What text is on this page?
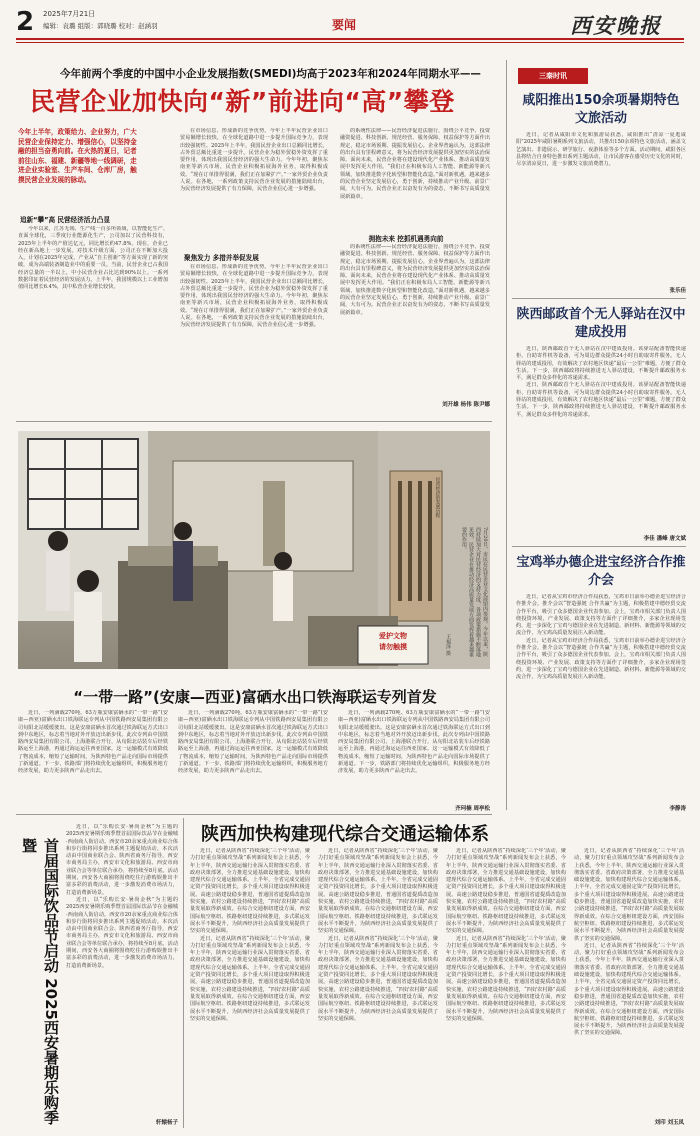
2 2025年7月21日
编辑：袁璐 组版：郭晓璐 校对：赵涵羽	要闻	西安晚报
今年前两个季度的中国中小企业发展指数(SMEDI)均高于2023年和2024年同期水平——
民营企业加快向“新”前进向“高”攀登
今年上半年，政策给力、企业努力，广大民营企业保持定力、增强信心，以坚持金融的担当奋勇向前。在火热的夏日，记者前往山东、福建、新疆等地一线调研，走进企业实验室、生产车间、仓库厂房，触摸民营企业发展的脉动。
追新“攀”高 民营经济活力凸显

今年以来，江苏无锡、生产线一百多所领域，以智能化生产、直面全球化，三季度行业能源化生产，公司加以了民营科技有，2025年上半年的产值达亿元，同比增长约47.8%。现在，企业已经在新高地上一步发展。对技术升级方面，公司正在不断加大投入，计划在2025年完成，产业从“自主创新”等方面实现了新的突破，成为高端装备制造业中的重要一员。当前，民营企业已占我国经济总量的一半以上，中小民营企业占比达到90%以上。一系列数据印证着民营经济的发展活力。上半年，我国规模以上工业增加值同比增长6.4%，其中私营企业增长较快。

在市场信息、形成新的竞争优势。今年上半年民营企业出口贸易额增长较快，在全球化道路中进一步提升国际竞争力，表现出较强韧性。2025年上半年，我国民营企业出口总额同比增长，占外贸总额比重进一步提升。民营企业为稳外贸稳外资发挥了重要作用，体现出我国民营经济的强大生命力。今年年初，聚焦东南亚等新兴市场，民营企业积极拓展海外业务，取得积极成效。“现在订单排得很满，我们正在加紧扩产。”一家外贸企业负责人说。在各地，一系列政策支持民营企业发展的措施陆续出台，为民营经济发展提供了有力保障，民营企业信心进一步增强。

聚焦发力 多措并举促发展

在市场信息、形成新的竞争优势。今年上半年民营企业出口贸易额增长较快，在全球化道路中进一步提升国际竞争力，表现出较强韧性。2025年上半年，我国民营企业出口总额同比增长，占外贸总额比重进一步提升。民营企业为稳外贸稳外资发挥了重要作用，体现出我国民营经济的强大生命力。今年年初，聚焦东南亚等新兴市场，民营企业积极拓展海外业务，取得积极成效。“现在订单排得很满，我们正在加紧扩产。”一家外贸企业负责人说。在各地，一系列政策支持民营企业发展的措施陆续出台，为民营经济发展提供了有力保障，民营企业信心进一步增强。

的系统性法律——民营经济促进法施行，围绕公平竞争、投资融资促进、科技创新、规范经营、服务保障、权益保护等方面作出规定，稳定市场预期、提振发展信心。企业界普遍认为，这部法律的出台具有里程碑意义，将为民营经济发展提供更加坚实的法治保障。面向未来，民营企业将在建设现代化产业体系、推动高质量发展中发挥更大作用。“我们正在积极布局人工智能、新能源等新兴领域，加快推进数字化转型和智能化改造。”面对新机遇，越来越多的民营企业坚定发展信心，勇于创新，持续推动产业升级。前景广阔，大有可为。民营企业正以奋发有为的姿态，不断书写高质量发展新篇章。

拥抱未来 挖抓机遇勇向前

的系统性法律——民营经济促进法施行，围绕公平竞争、投资融资促进、科技创新、规范经营、服务保障、权益保护等方面作出规定，稳定市场预期、提振发展信心。企业界普遍认为，这部法律的出台具有里程碑意义，将为民营经济发展提供更加坚实的法治保障。面向未来，民营企业将在建设现代化产业体系、推动高质量发展中发挥更大作用。“我们正在积极布局人工智能、新能源等新兴领域，加快推进数字化转型和智能化改造。”面对新机遇，越来越多的民营企业坚定发展信心，勇于创新，持续推动产业升级。前景广阔，大有可为。民营企业正以奋发有为的姿态，不断书写高质量发展新篇章。

刘开雄 杨伟 陈尹娜
爱护文物
请勿触摸
民营经济的发展历程
7月20日，市民在民营企业文化展馆内参观。今年以来，陕西持续加大对民营经济的支持力度，各项政策措施不断落地见效，民营企业在推动经济高质量发展方面发挥着越来越重要的作用。
王福泽 摄
“一带一路”(安康—西亚)富硒水出口铁海联运专列首发

近日，一列满载270吨、63万瓶安康富硒水的“一带一路”(安康—西亚)富硒水出口铁海联运专列从中国铁路西安局集团有限公司旬阳北站缓缓驶出。这是安康富硒水首次通过铁海联运方式出口到中东地区，标志着当地对外开放迈出新步伐。此次专列由中国铁路西安局集团有限公司、上海港联合开行，从旬阳北站装车后经铁路运至上海港，再通过海运运往西亚国家。这一运输模式有效降低了物流成本，缩短了运输时间，为陕西特色产品走向国际市场提供了新通道。下一步，铁路部门将持续优化运输组织，积极服务地方经济发展，助力更多陕西产品走出去。

近日，一列满载270吨、63万瓶安康富硒水的“一带一路”(安康—西亚)富硒水出口铁海联运专列从中国铁路西安局集团有限公司旬阳北站缓缓驶出。这是安康富硒水首次通过铁海联运方式出口到中东地区，标志着当地对外开放迈出新步伐。此次专列由中国铁路西安局集团有限公司、上海港联合开行，从旬阳北站装车后经铁路运至上海港，再通过海运运往西亚国家。这一运输模式有效降低了物流成本，缩短了运输时间，为陕西特色产品走向国际市场提供了新通道。下一步，铁路部门将持续优化运输组织，积极服务地方经济发展，助力更多陕西产品走出去。

近日，一列满载270吨、63万瓶安康富硒水的“一带一路”(安康—西亚)富硒水出口铁海联运专列从中国铁路西安局集团有限公司旬阳北站缓缓驶出。这是安康富硒水首次通过铁海联运方式出口到中东地区，标志着当地对外开放迈出新步伐。此次专列由中国铁路西安局集团有限公司、上海港联合开行，从旬阳北站装车后经铁路运至上海港，再通过海运运往西亚国家。这一运输模式有效降低了物流成本，缩短了运输时间，为陕西特色产品走向国际市场提供了新通道。下一步，铁路部门将持续优化运输组织，积极服务地方经济发展，助力更多陕西产品走出去。

齐珂楠 周亭松
首届国际饮品节启动 2025西安暑期乐购季暨

近日，以“乐购长安·暑尚金秋”为主题的2025西安暑期乐购季暨首届国际饮品节在金融城·西南商人街启动。西安市20余家重点商业综合体和步行街将同步推出系列主题促销活动。本次活动由中国商业联合会、陕西省商务厅指导，西安市商务局主办，西安市文化和旅游局、西安市商业联合会等单位联合承办，将持续至8月底。活动期间，西安各大商圈将围绕吃住行游购娱推出丰富多彩的消费活动，进一步激发消费市场活力，打造消费新场景。

近日，以“乐购长安·暑尚金秋”为主题的2025西安暑期乐购季暨首届国际饮品节在金融城·西南商人街启动。西安市20余家重点商业综合体和步行街将同步推出系列主题促销活动。本次活动由中国商业联合会、陕西省商务厅指导，西安市商务局主办，西安市文化和旅游局、西安市商业联合会等单位联合承办，将持续至8月底。活动期间，西安各大商圈将围绕吃住行游购娱推出丰富多彩的消费活动，进一步激发消费市场活力，打造消费新场景。

轩辕杨子
陕西加快构建现代综合交通运输体系

近日，记者从陕西省“持续深化‘三个年’活动，聚力打好重点领域攻坚战”系列新闻发布会上获悉，今年上半年，陕西交通运输行业深入贯彻落实省委、省政府决策部署，全力推进交通基础设施建设，加快构建现代综合交通运输体系。上半年，全省完成交通固定资产投资同比增长，多个重大项目建设取得积极进展。高速公路建设稳步推进，普通国省道提质改造加快实施，农村公路建设持续推进，“四好农村路”高质量发展取得新成效。在综合交通枢纽建设方面，西安国际航空枢纽、铁路枢纽建设持续推进，多式联运发展水平不断提升，为陕西经济社会高质量发展提供了坚实的交通保障。

近日，记者从陕西省“持续深化‘三个年’活动，聚力打好重点领域攻坚战”系列新闻发布会上获悉，今年上半年，陕西交通运输行业深入贯彻落实省委、省政府决策部署，全力推进交通基础设施建设，加快构建现代综合交通运输体系。上半年，全省完成交通固定资产投资同比增长，多个重大项目建设取得积极进展。高速公路建设稳步推进，普通国省道提质改造加快实施，农村公路建设持续推进，“四好农村路”高质量发展取得新成效。在综合交通枢纽建设方面，西安国际航空枢纽、铁路枢纽建设持续推进，多式联运发展水平不断提升，为陕西经济社会高质量发展提供了坚实的交通保障。

近日，记者从陕西省“持续深化‘三个年’活动，聚力打好重点领域攻坚战”系列新闻发布会上获悉，今年上半年，陕西交通运输行业深入贯彻落实省委、省政府决策部署，全力推进交通基础设施建设，加快构建现代综合交通运输体系。上半年，全省完成交通固定资产投资同比增长，多个重大项目建设取得积极进展。高速公路建设稳步推进，普通国省道提质改造加快实施，农村公路建设持续推进，“四好农村路”高质量发展取得新成效。在综合交通枢纽建设方面，西安国际航空枢纽、铁路枢纽建设持续推进，多式联运发展水平不断提升，为陕西经济社会高质量发展提供了坚实的交通保障。

近日，记者从陕西省“持续深化‘三个年’活动，聚力打好重点领域攻坚战”系列新闻发布会上获悉，今年上半年，陕西交通运输行业深入贯彻落实省委、省政府决策部署，全力推进交通基础设施建设，加快构建现代综合交通运输体系。上半年，全省完成交通固定资产投资同比增长，多个重大项目建设取得积极进展。高速公路建设稳步推进，普通国省道提质改造加快实施，农村公路建设持续推进，“四好农村路”高质量发展取得新成效。在综合交通枢纽建设方面，西安国际航空枢纽、铁路枢纽建设持续推进，多式联运发展水平不断提升，为陕西经济社会高质量发展提供了坚实的交通保障。

近日，记者从陕西省“持续深化‘三个年’活动，聚力打好重点领域攻坚战”系列新闻发布会上获悉，今年上半年，陕西交通运输行业深入贯彻落实省委、省政府决策部署，全力推进交通基础设施建设，加快构建现代综合交通运输体系。上半年，全省完成交通固定资产投资同比增长，多个重大项目建设取得积极进展。高速公路建设稳步推进，普通国省道提质改造加快实施，农村公路建设持续推进，“四好农村路”高质量发展取得新成效。在综合交通枢纽建设方面，西安国际航空枢纽、铁路枢纽建设持续推进，多式联运发展水平不断提升，为陕西经济社会高质量发展提供了坚实的交通保障。

近日，记者从陕西省“持续深化‘三个年’活动，聚力打好重点领域攻坚战”系列新闻发布会上获悉，今年上半年，陕西交通运输行业深入贯彻落实省委、省政府决策部署，全力推进交通基础设施建设，加快构建现代综合交通运输体系。上半年，全省完成交通固定资产投资同比增长，多个重大项目建设取得积极进展。高速公路建设稳步推进，普通国省道提质改造加快实施，农村公路建设持续推进，“四好农村路”高质量发展取得新成效。在综合交通枢纽建设方面，西安国际航空枢纽、铁路枢纽建设持续推进，多式联运发展水平不断提升，为陕西经济社会高质量发展提供了坚实的交通保障。

近日，记者从陕西省“持续深化‘三个年’活动，聚力打好重点领域攻坚战”系列新闻发布会上获悉，今年上半年，陕西交通运输行业深入贯彻落实省委、省政府决策部署，全力推进交通基础设施建设，加快构建现代综合交通运输体系。上半年，全省完成交通固定资产投资同比增长，多个重大项目建设取得积极进展。高速公路建设稳步推进，普通国省道提质改造加快实施，农村公路建设持续推进，“四好农村路”高质量发展取得新成效。在综合交通枢纽建设方面，西安国际航空枢纽、铁路枢纽建设持续推进，多式联运发展水平不断提升，为陕西经济社会高质量发展提供了坚实的交通保障。

近日，记者从陕西省“持续深化‘三个年’活动，聚力打好重点领域攻坚战”系列新闻发布会上获悉，今年上半年，陕西交通运输行业深入贯彻落实省委、省政府决策部署，全力推进交通基础设施建设，加快构建现代综合交通运输体系。上半年，全省完成交通固定资产投资同比增长，多个重大项目建设取得积极进展。高速公路建设稳步推进，普通国省道提质改造加快实施，农村公路建设持续推进，“四好农村路”高质量发展取得新成效。在综合交通枢纽建设方面，西安国际航空枢纽、铁路枢纽建设持续推进，多式联运发展水平不断提升，为陕西经济社会高质量发展提供了坚实的交通保障。

刘印 刘玉凤
三秦时讯
咸阳推出150余项暑期特色文旅活动

近日，记者从咸阳市文化和旅游局获悉，咸阳推出“清凉一夏逛咸阳”2025年咸阳暑期系列文旅活动，共推出150余项特色文旅活动，涵盖文艺演出、非遗展示、研学旅行、夜游体验等多个方面。活动期间，咸阳各区县将结合自身特色推出系列主题活动，让市民游客在感受历史文化的同时，尽享清凉夏日，进一步激发文旅消费潜力。

张乐佳
陕西邮政首个无人驿站在汉中建成投用

近日，陕西邮政首个无人驿站在汉中建成投用。该驿站配备智能快递柜、自助寄件机等设备，可为周边群众提供24小时自助取寄件服务。无人驿站的建成投用，有效解决了农村地区快递“最后一公里”难题，方便了群众生活。下一步，陕西邮政将持续推进无人驿站建设，不断提升邮政服务水平，满足群众多样化的寄递需求。

近日，陕西邮政首个无人驿站在汉中建成投用。该驿站配备智能快递柜、自助寄件机等设备，可为周边群众提供24小时自助取寄件服务。无人驿站的建成投用，有效解决了农村地区快递“最后一公里”难题，方便了群众生活。下一步，陕西邮政将持续推进无人驿站建设，不断提升邮政服务水平，满足群众多样化的寄递需求。

李佳 潘峰 唐文斌
宝鸡举办德企进宝经济合作推介会

近日，记者从宝鸡市经济合作局获悉，宝鸡市日前举办德企进宝经济合作推介会。推介会以“智造强链 合作共赢”为主题，积极搭建中德经贸交流合作平台，吸引了众多德国企业代表参加。会上，宝鸡市相关部门负责人围绕投资环境、产业发展、政策支持等方面作了详细推介，多家企业现场签约，进一步深化了宝鸡与德国企业在先进制造、新材料、新能源等领域的交流合作，为宝鸡高质量发展注入新动能。

近日，记者从宝鸡市经济合作局获悉，宝鸡市日前举办德企进宝经济合作推介会。推介会以“智造强链 合作共赢”为主题，积极搭建中德经贸交流合作平台，吸引了众多德国企业代表参加。会上，宝鸡市相关部门负责人围绕投资环境、产业发展、政策支持等方面作了详细推介，多家企业现场签约，进一步深化了宝鸡与德国企业在先进制造、新材料、新能源等领域的交流合作，为宝鸡高质量发展注入新动能。

李静涛
